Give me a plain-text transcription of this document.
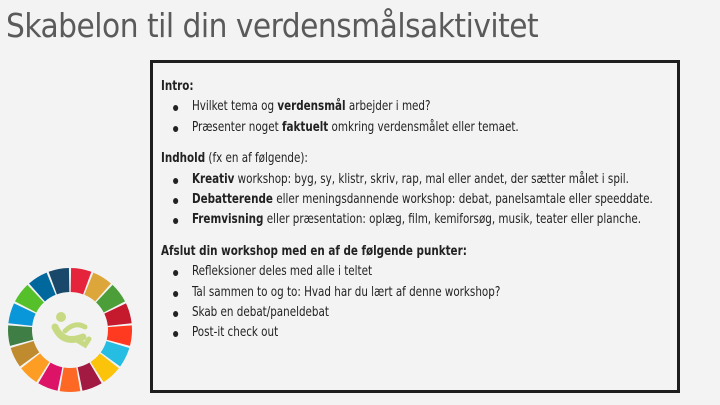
Skabelon til din verdensmålsaktivitet
Intro:
Hvilket tema og verdensmål arbejder i med?
Præsenter noget faktuelt omkring verdensmålet eller temaet.
Indhold (fx en af følgende):
Kreativ workshop: byg, sy, klistr, skriv, rap, mal eller andet, der sætter målet i spil.
Debatterende eller meningsdannende workshop: debat, panelsamtale eller speeddate.
Fremvisning eller præsentation: oplæg, film, kemiforsøg, musik, teater eller planche.
Afslut din workshop med en af de følgende punkter:
Refleksioner deles med alle i teltet
Tal sammen to og to: Hvad har du lært af denne workshop?
Skab en debat/paneldebat
Post-it check out
